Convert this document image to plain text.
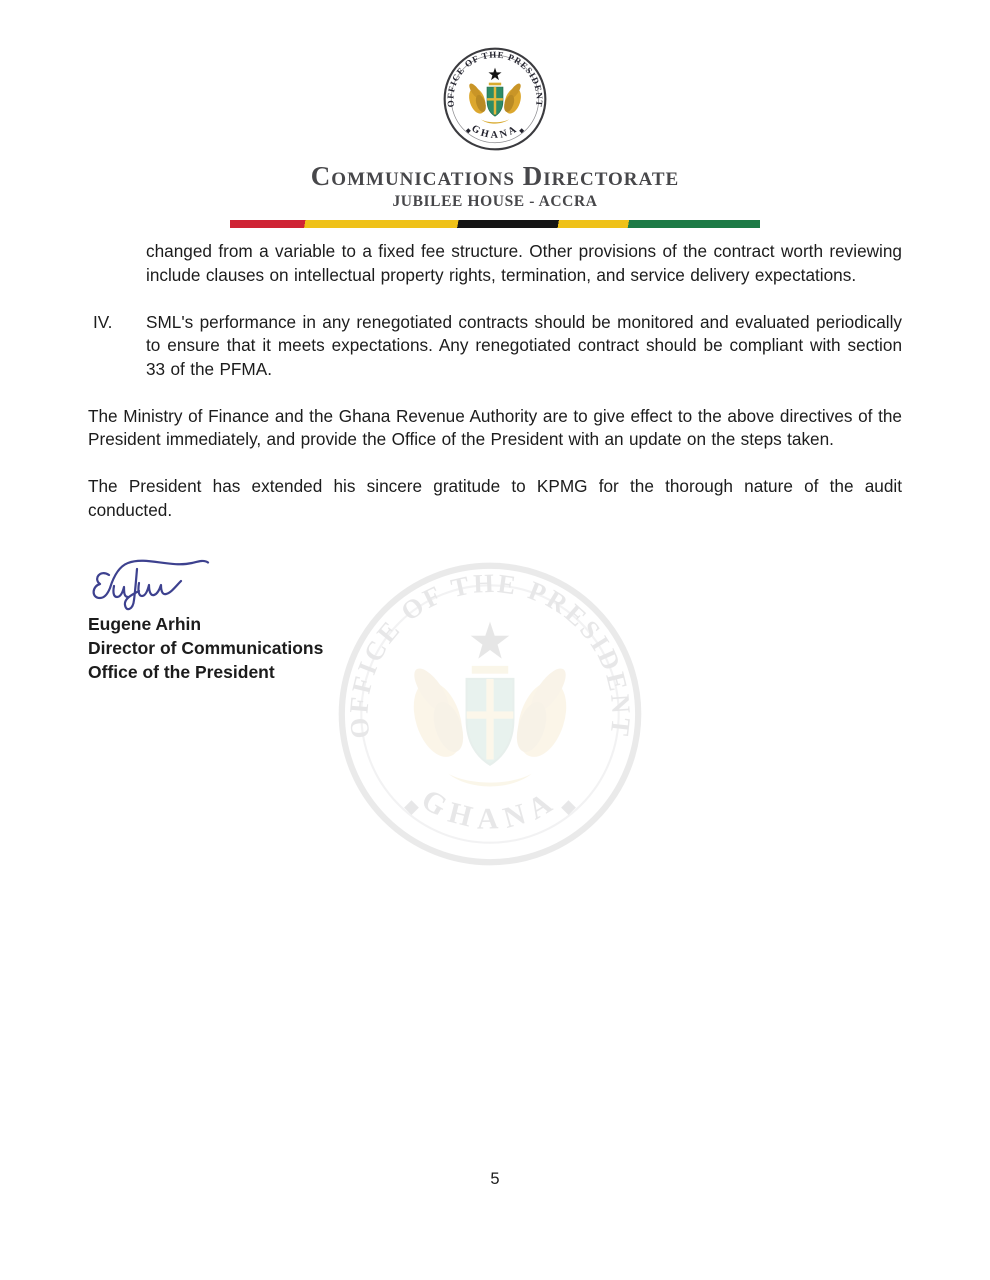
Communications Directorate
JUBILEE HOUSE - ACCRA

changed from a variable to a fixed fee structure. Other provisions of the contract worth reviewing include clauses on intellectual property rights, termination, and service delivery expectations.

IV. SML's performance in any renegotiated contracts should be monitored and evaluated periodically to ensure that it meets expectations. Any renegotiated contract should be compliant with section 33 of the PFMA.

The Ministry of Finance and the Ghana Revenue Authority are to give effect to the above directives of the President immediately, and provide the Office of the President with an update on the steps taken.

The President has extended his sincere gratitude to KPMG for the thorough nature of the audit conducted.

Eugene Arhin

Director of Communications

Office of the President

5
